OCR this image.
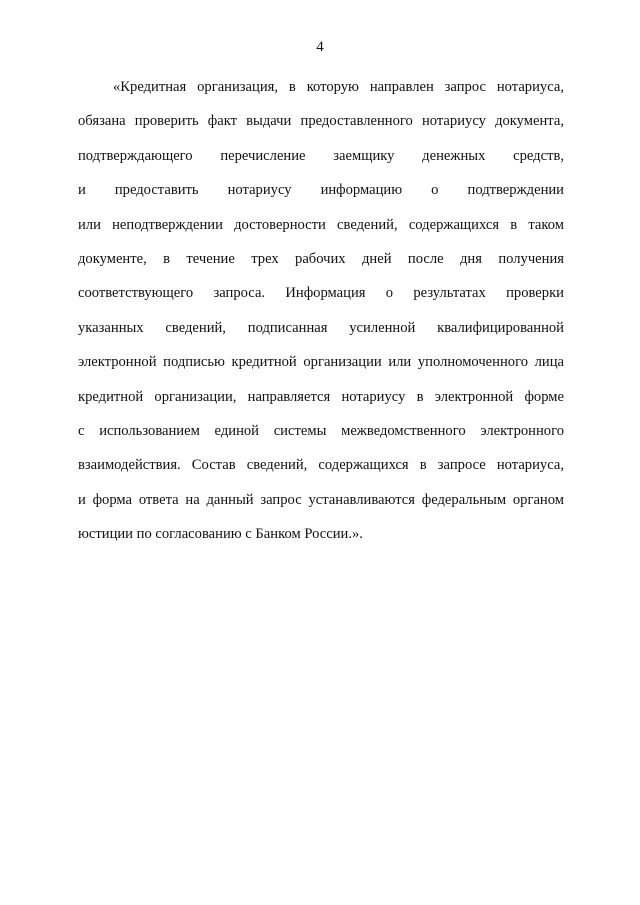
4
«Кредитная организация, в которую направлен запрос нотариуса,
обязана проверить факт выдачи предоставленного нотариусу документа,
подтверждающего перечисление заемщику денежных средств,
и предоставить нотариусу информацию о подтверждении
или неподтверждении достоверности сведений, содержащихся в таком
документе, в течение трех рабочих дней после дня получения
соответствующего запроса. Информация о результатах проверки
указанных сведений, подписанная усиленной квалифицированной
электронной подписью кредитной организации или уполномоченного лица
кредитной организации, направляется нотариусу в электронной форме
с использованием единой системы межведомственного электронного
взаимодействия. Состав сведений, содержащихся в запросе нотариуса,
и форма ответа на данный запрос устанавливаются федеральным органом
юстиции по согласованию с Банком России.».
